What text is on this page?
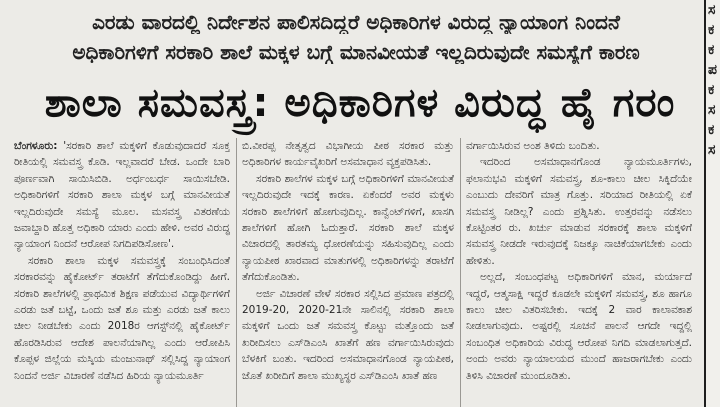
ಎರಡು ವಾರದಲ್ಲಿ ನಿರ್ದೇಶನ ಪಾಲಿಸದಿದ್ದರೆ ಅಧಿಕಾರಿಗಳ ವಿರುದ್ಧ ನ್ಯಾಯಾಂಗ ನಿಂದನೆ
ಅಧಿಕಾರಿಗಳಿಗೆ ಸರಕಾರಿ ಶಾಲೆ ಮಕ್ಕಳ ಬಗ್ಗೆ ಮಾನವೀಯತೆ ಇಲ್ಲದಿರುವುದೇ ಸಮಸ್ಯೆಗೆ ಕಾರಣ
ಶಾಲಾ ಸಮವಸ್ತ್ರ: ಅಧಿಕಾರಿಗಳ ವಿರುದ್ಧ ಹೈ ಗರಂ

ಬೆಂಗಳೂರು: 'ಸರಕಾರಿ ಶಾಲೆ ಮಕ್ಕಳಿಗೆ ಕೊಡುವುದಾದರೆ ಸೂಕ್ತ ರೀತಿಯಲ್ಲಿ ಸಮವಸ್ತ್ರ ಕೊಡಿ. ಇಲ್ಲವಾದರೆ ಬೇಡ. ಒಂದೇ ಬಾರಿ ಪೂರ್ಣವಾಗಿ ಸಾಯಿಸಿಬಿಡಿ. ಅರ್ಧಂಬರ್ಧ ಸಾಯಿಸಬೇಡಿ. ಅಧಿಕಾರಿಗಳಿಗೆ ಸರಕಾರಿ ಶಾಲಾ ಮಕ್ಕಳ ಬಗ್ಗೆ ಮಾನವೀಯತೆ ಇಲ್ಲದಿರುವುದೇ ಸಮಸ್ಯೆ ಮೂಲ. ಮಸವಸ್ತ್ರ ವಿತರಣೆಯ ಜವಾಬ್ದಾರಿ ಹೊತ್ತ ಅಧಿಕಾರಿ ಯಾರು ಎಂದು ಹೇಳಿ. ಅವರ ವಿರುದ್ಧ ನ್ಯಾಯಾಂಗ ನಿಂದನೆ ಆರೋಪ ನಿಗದಿಪಡಿಸೋಣ'.

ಸರಕಾರಿ ಶಾಲಾ ಮಕ್ಕಳ ಸಮವಸ್ತ್ರಕ್ಕೆ ಸಂಬಂಧಿಸಿದಂತೆ ಸರಕಾರವನ್ನು ಹೈಕೋರ್ಟ್ ತರಾಟೆಗೆ ತೆಗೆದುಕೊಂಡಿದ್ದು ಹೀಗೆ. ಸರಕಾರಿ ಶಾಲೆಗಳಲ್ಲಿ ಪ್ರಾಥಮಿಕ ಶಿಕ್ಷಣ ಪಡೆಯುವ ವಿದ್ಯಾರ್ಥಿಗಳಿಗೆ ಎರಡು ಜತೆ ಬಟ್ಟೆ, ಒಂದು ಜತೆ ಶೂ ಮತ್ತು ಎರಡು ಜತೆ ಕಾಲು ಚೀಲ ನೀಡಬೇಕು ಎಂದು 2018ರ ಆಗಸ್ಟ್‌ನಲ್ಲಿ ಹೈಕೋರ್ಟ್ ಹೊರಡಿಸಿರುವ ಆದೇಶ ಪಾಲನೆಯಾಗಿಲ್ಲ ಎಂದು ಆರೋಪಿಸಿ ಕೊಪ್ಪಳ ಜಿಲ್ಲೆಯ ಮಸ್ಕಿಯ ಮಂಜುನಾಥ್ ಸಲ್ಲಿಸಿದ್ದ ನ್ಯಾಯಾಂಗ ನಿಂದನೆ ಅರ್ಜಿ ವಿಚಾರಣೆ ನಡೆಸಿದ ಹಿರಿಯ ನ್ಯಾಯಮೂರ್ತಿ

ಬಿ.ವೀರಪ್ಪ ನೇತೃತ್ವದ ವಿಭಾಗೀಯ ಪೀಠ ಸರಕಾರ ಮತ್ತು ಅಧಿಕಾರಿಗಳ ಕಾರ್ಯವೈಖರಿಗೆ ಅಸಮಾಧಾನ ವ್ಯಕ್ತಪಡಿಸಿತು.

ಸರಕಾರಿ ಶಾಲೆಗಳ ಮಕ್ಕಳ ಬಗ್ಗೆ ಅಧಿಕಾರಿಗಳಿಗೆ ಮಾನವೀಯತೆ ಇಲ್ಲದಿರುವುದೇ ಇದಕ್ಕೆ ಕಾರಣ. ಏಕೆಂದರೆ ಅವರ ಮಕ್ಕಳು ಸರಕಾರಿ ಶಾಲೆಗಳಿಗೆ ಹೋಗುವುದಿಲ್ಲ. ಕಾನ್ವೆಂಟ್‌ಗಳಿಗೆ, ಖಾಸಗಿ ಶಾಲೆಗಳಿಗೆ ಹೋಗಿ ಓದುತ್ತಾರೆ. ಸರಕಾರಿ ಶಾಲೆ ಮಕ್ಕಳ ವಿಚಾರದಲ್ಲಿ ತಾರತಮ್ಯ ಧೋರಣೆಯನ್ನು ಸಹಿಸುವುದಿಲ್ಲ ಎಂದು ನ್ಯಾಯಪೀಠ ಖಾರವಾದ ಮಾತುಗಳಲ್ಲಿ ಅಧಿಕಾರಿಗಳನ್ನು ತರಾಟೆಗೆ ತೆಗೆದುಕೊಂಡಿತು.

ಅರ್ಜಿ ವಿಚಾರಣೆ ವೇಳೆ ಸರಕಾರ ಸಲ್ಲಿಸಿದ ಪ್ರಮಾಣ ಪತ್ರದಲ್ಲಿ 2019-20, 2020-21ನೇ ಸಾಲಿನಲ್ಲಿ ಸರಕಾರಿ ಶಾಲಾ ಮಕ್ಕಳಿಗೆ ಒಂದು ಜತೆ ಸಮವಸ್ತ್ರ ಕೊಟ್ಟು ಮತ್ತೊಂದು ಜತೆ ಖರೀದಿಸಲು ಎಸ್‌ಡಿಎಂಸಿ ಖಾತೆಗೆ ಹಣ ವರ್ಗಾಯಿಸಿರುವುದು ಬೆಳಕಿಗೆ ಬಂತು. ಇದರಿಂದ ಅಸಮಾಧಾನಗೊಂಡ ನ್ಯಾಯಪೀಠ, ಜೊತೆ ಖರೀದಿಗೆ ಶಾಲಾ ಮುಖ್ಯಸ್ಥರ ಎಸ್‌ಡಿಎಂಸಿ ಖಾತೆ ಹಣ

ವರ್ಗಾಯಿಸಿರುವ ಅಂಶ ತಿಳಿದು ಬಂದಿತು.

ಇದರಿಂದ ಅಸಮಾಧಾನಗೊಂಡ ನ್ಯಾಯಮೂರ್ತಿಗಳು, ಫಲಾನುಭವಿ ಮಕ್ಕಳಿಗೆ ಸಮವಸ್ತ್ರ, ಶೂ-ಕಾಲು ಚೀಲ ಸಿಕ್ಕಿದೆಯೇ ಎಂಬುದು ದೇವರಿಗೆ ಮಾತ್ರ ಗೊತ್ತು. ಸರಿಯಾದ ರೀತಿಯಲ್ಲಿ ಏಕೆ ಸಮವಸ್ತ್ರ ನೀಡಿಲ್ಲ? ಎಂದು ಪ್ರಶ್ನಿಸಿತು. ಉತ್ತರವನ್ನು ನಡೆಸಲು ಕೊಟ್ಟಿಂತರ ರು. ಖರ್ಚು ಮಾಡುವ ಸರಕಾರಕ್ಕೆ ಶಾಲಾ ಮಕ್ಕಳಿಗೆ ಸಮವಸ್ತ್ರ ನೀಡದೇ ಇರುವುದಕ್ಕೆ ನಿಜಕ್ಕೂ ನಾಚಿಕೆಯಾಗಬೇಕು ಎಂದು ಹೇಳಿತು.

ಅಲ್ಲದೆ, ಸಂಬಂಧಪಟ್ಟ ಅಧಿಕಾರಿಗಳಿಗೆ ಮಾನ, ಮರ್ಯಾದೆ ಇದ್ದರೆ, ಆತ್ಮಸಾಕ್ಷಿ ಇದ್ದರೆ ಕೂಡಲೇ ಮಕ್ಕಳಿಗೆ ಸಮವಸ್ತ್ರ, ಶೂ ಹಾಗೂ ಕಾಲು ಚೀಲ ವಿತರಿಸಬೇಕು. ಇದಕ್ಕೆ 2 ವಾರ ಕಾಲಾವಕಾಶ ನೀಡಲಾಗುವುದು. ಅಷ್ಟರಲ್ಲಿ ಸೂಚನೆ ಪಾಲನೆ ಆಗದೇ ಇದ್ದಲ್ಲಿ ಸಂಬಂಧಿತ ಅಧಿಕಾರಿಯ ವಿರುದ್ಧ ಆರೋಪ ನಿಗದಿ ಮಾಡಲಾಗುತ್ತದೆ. ಅಂದು ಅವರು ನ್ಯಾಯಾಲಯದ ಮುಂದೆ ಹಾಜರಾಗಬೇಕು ಎಂದು ತಿಳಿಸಿ ವಿಚಾರಣೆ ಮುಂದೂಡಿತು.

ಸ
ಕ
ಕ
ಪ
ಕ
ಸ
ಕ
ಸ
